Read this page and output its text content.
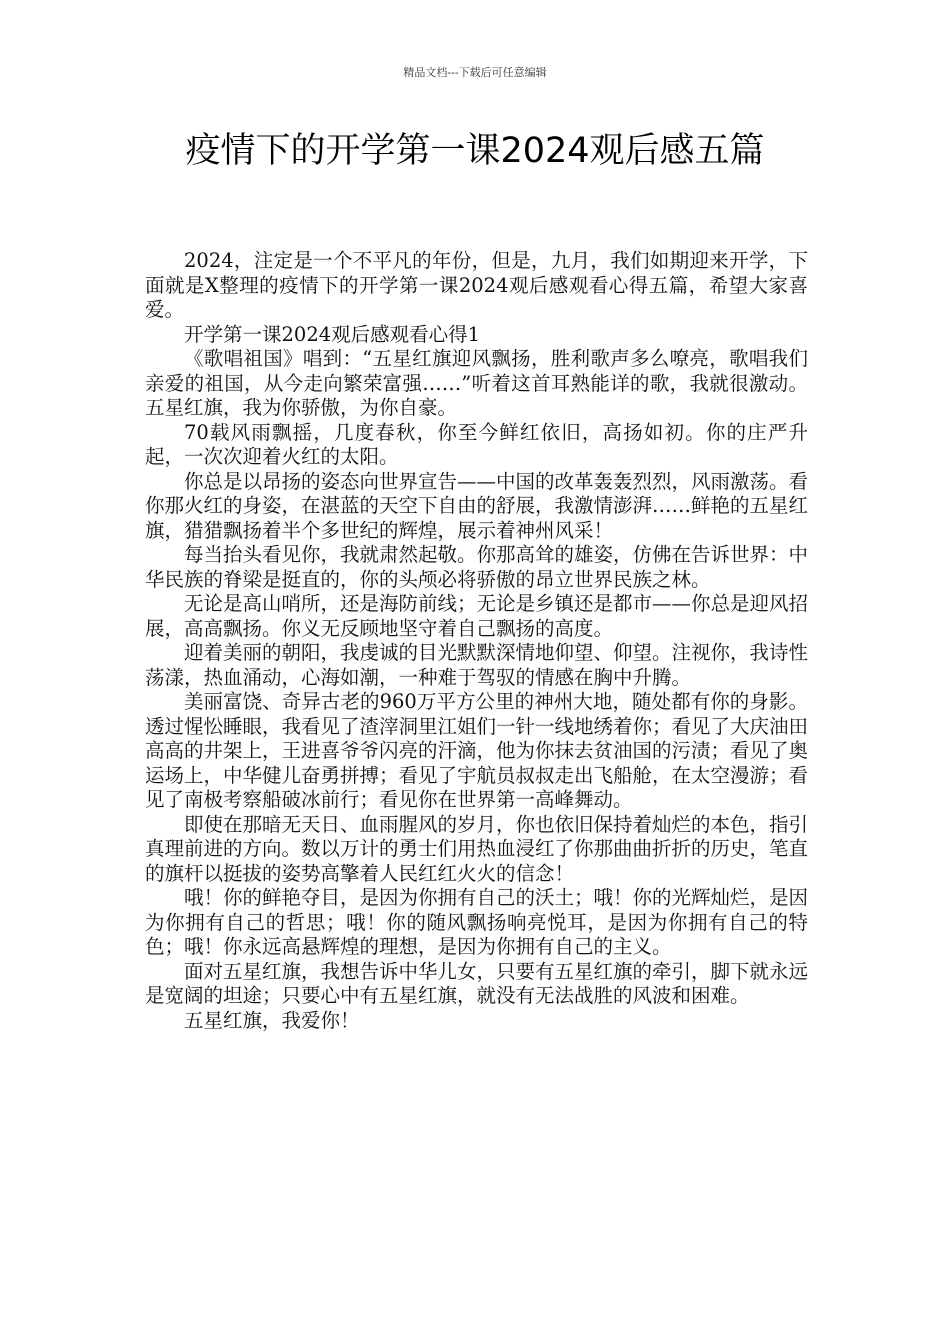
精品文档---下载后可任意编辑
疫情下的开学第一课2024观后感五篇

2024，注定是一个不平凡的年份，但是，九月，我们如期迎来开学，下面就是X整理的疫情下的开学第一课2024观后感观看心得五篇，希望大家喜爱。

开学第一课2024观后感观看心得1

《歌唱祖国》唱到：“五星红旗迎风飘扬，胜利歌声多么嘹亮，歌唱我们亲爱的祖国，从今走向繁荣富强……”听着这首耳熟能详的歌，我就很激动。五星红旗，我为你骄傲，为你自豪。

70载风雨飘摇，几度春秋，你至今鲜红依旧，高扬如初。你的庄严升起，一次次迎着火红的太阳。

你总是以昂扬的姿态向世界宣告——中国的改革轰轰烈烈，风雨激荡。看你那火红的身姿，在湛蓝的天空下自由的舒展，我激情澎湃……鲜艳的五星红旗，猎猎飘扬着半个多世纪的辉煌，展示着神州风采！

每当抬头看见你，我就肃然起敬。你那高耸的雄姿，仿佛在告诉世界：中华民族的脊梁是挺直的，你的头颅必将骄傲的昂立世界民族之林。

无论是高山哨所，还是海防前线；无论是乡镇还是都市——你总是迎风招展，高高飘扬。你义无反顾地坚守着自己飘扬的高度。

迎着美丽的朝阳，我虔诚的目光默默深情地仰望、仰望。注视你，我诗性荡漾，热血涌动，心海如潮，一种难于驾驭的情感在胸中升腾。

美丽富饶、奇异古老的960万平方公里的神州大地，随处都有你的身影。透过惺忪睡眼，我看见了渣滓洞里江姐们一针一线地绣着你；看见了大庆油田高高的井架上，王进喜爷爷闪亮的汗滴，他为你抹去贫油国的污渍；看见了奥运场上，中华健儿奋勇拼搏；看见了宇航员叔叔走出飞船舱，在太空漫游；看见了南极考察船破冰前行；看见你在世界第一高峰舞动。

即使在那暗无天日、血雨腥风的岁月，你也依旧保持着灿烂的本色，指引真理前进的方向。数以万计的勇士们用热血浸红了你那曲曲折折的历史，笔直的旗杆以挺拔的姿势高擎着人民红红火火的信念！

哦！你的鲜艳夺目，是因为你拥有自己的沃土；哦！你的光辉灿烂，是因为你拥有自己的哲思；哦！你的随风飘扬响亮悦耳，是因为你拥有自己的特色；哦！你永远高悬辉煌的理想，是因为你拥有自己的主义。

面对五星红旗，我想告诉中华儿女，只要有五星红旗的牵引，脚下就永远是宽阔的坦途；只要心中有五星红旗，就没有无法战胜的风波和困难。

五星红旗，我爱你！
